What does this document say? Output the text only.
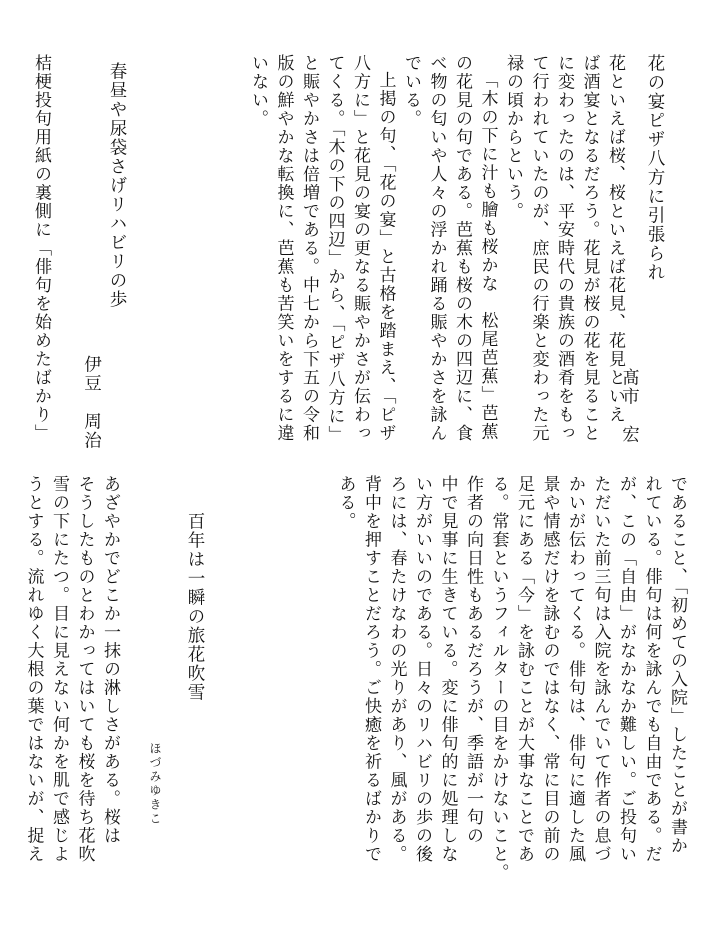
花の宴ピザ八方に引張られ

髙市　宏

花といえば桜、桜といえば花見、花見といえ

ば酒宴となるだろう。花見が桜の花を見ること

に変わったのは、平安時代の貴族の酒肴をもっ

て行われていたのが、庶民の行楽と変わった元

禄の頃からという。

「木の下に汁も膾も桜かな　松尾芭蕉」芭蕉

の花見の句である。芭蕉も桜の木の四辺に、食

べ物の匂いや人々の浮かれ踊る賑やかさを詠ん

でいる。

上掲の句、「花の宴」と古格を踏まえ、「ピザ

八方に」と花見の宴の更なる賑やかさが伝わっ

てくる。「木の下の四辺」から、「ピザ八方に」

と賑やかさは倍増である。中七から下五の令和

版の鮮やかな転換に、芭蕉も苦笑いをするに違

いない。

春昼や尿袋さげリハビリの歩

伊豆　周治

桔梗投句用紙の裏側に「俳句を始めたばかり」

であること、「初めての入院」したことが書か

れている。俳句は何を詠んでも自由である。だ

が、この「自由」がなかなか難しい。ご投句い

ただいた前三句は入院を詠んでいて作者の息づ

かいが伝わってくる。俳句は、俳句に適した風

景や情感だけを詠むのではなく、常に目の前の

足元にある「今」を詠むことが大事なことであ

る。常套というフィルターの目をかけないこと。

作者の向日性もあるだろうが、季語が一句の

中で見事に生きている。変に俳句的に処理しな

い方がいいのである。日々のリハビリの歩の後

ろには、春たけなわの光りがあり、風がある。

背中を押すことだろう。ご快癒を祈るばかりで

ある。

百年は一瞬の旅花吹雪

ほづみゆきこ

あざやかでどこか一抹の淋しさがある。桜は

そうしたものとわかってはいても桜を待ち花吹

雪の下にたつ。目に見えない何かを肌で感じよ

うとする。流れゆく大根の葉ではないが、捉え
